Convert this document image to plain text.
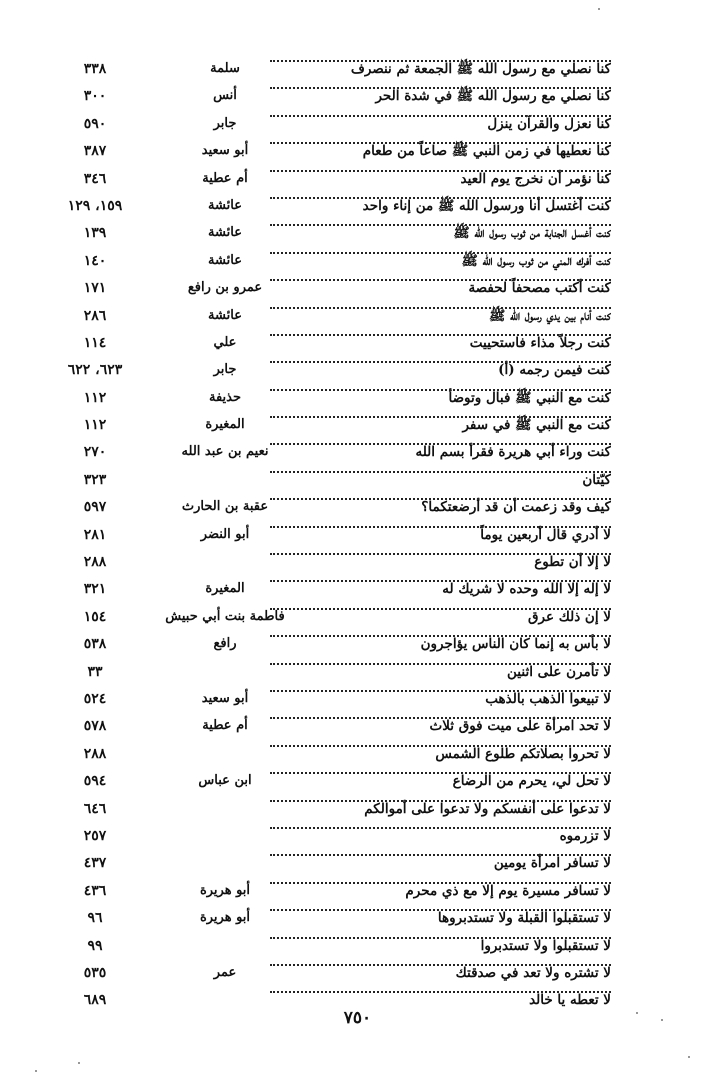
كنا نصلي مع رسول الله ﷺ الجمعة ثم ننصرف
سلمة
٣٣٨
كنا نصلي مع رسول الله ﷺ في شدة الحر
أنس
٣٠٠
كنا نعزل والقرآن ينزل
جابر
٥٩٠
كنا نعطيها في زمن النبي ﷺ صاعاً من طعام
أبو سعيد
٣٨٧
كنا نؤمر أن نخرج يوم العيد
أم عطية
٣٤٦
كنت أغتسل أنا ورسول الله ﷺ من إناء واحد
عائشة
١٥٩، ١٢٩
كنت أغسل الجنابة من ثوب رسول الله ﷺ
عائشة
١٣٩
كنت أفرك المني من ثوب رسول الله ﷺ
عائشة
١٤٠
كنت أكتب مصحفاً لحفصة
عمرو بن رافع
١٧١
كنت أنام بين يدي رسول الله ﷺ
عائشة
٢٨٦
كنت رجلاً مذاء فاستحييت
علي
١١٤
كنت فيمن رجمه (أ)
جابر
٦٢٣، ٦٢٢
كنت مع النبي ﷺ فبال وتوضأ
حذيفة
١١٢
كنت مع النبي ﷺ في سفر
المغيرة
١١٢
كنت وراء أبي هريرة فقرأ بسم الله
نعيم بن عبد الله
٢٧٠
كيّتان
٣٢٣
كيف وقد زعمت أن قد أرضعتكما؟
عقبة بن الحارث
٥٩٧
لا أدري قال أربعين يوماً
أبو النضر
٢٨١
لا إلا أن تطوع
٢٨٨
لا إله إلا الله وحده لا شريك له
المغيرة
٣٢١
لا إن ذلك عرق
فاطمة بنت أبي حبيش
١٥٤
لا بأس به إنما كان الناس يؤاجرون
رافع
٥٣٨
لا تأمرن على اثنين
٣٣
لا تبيعوا الذهب بالذهب
أبو سعيد
٥٢٤
لا تحد امرأة على ميت فوق ثلاث
أم عطية
٥٧٨
لا تحروا بصلاتكم طلوع الشمس
٢٨٨
لا تحل لي، يحرم من الرضاع
ابن عباس
٥٩٤
لا تدعوا على أنفسكم ولا تدعوا على أموالكم
٦٤٦
لا تزرموه
٢٥٧
لا تسافر امرأة يومين
٤٣٧
لا تسافر مسيرة يوم إلا مع ذي محرم
أبو هريرة
٤٣٦
لا تستقبلوا القبلة ولا تستدبروها
أبو هريرة
٩٦
لا تستقبلوا ولا تستدبروا
٩٩
لا تشتره ولا تعد في صدقتك
عمر
٥٣٥
لا تعطه يا خالد
٦٨٩
٧٥٠
